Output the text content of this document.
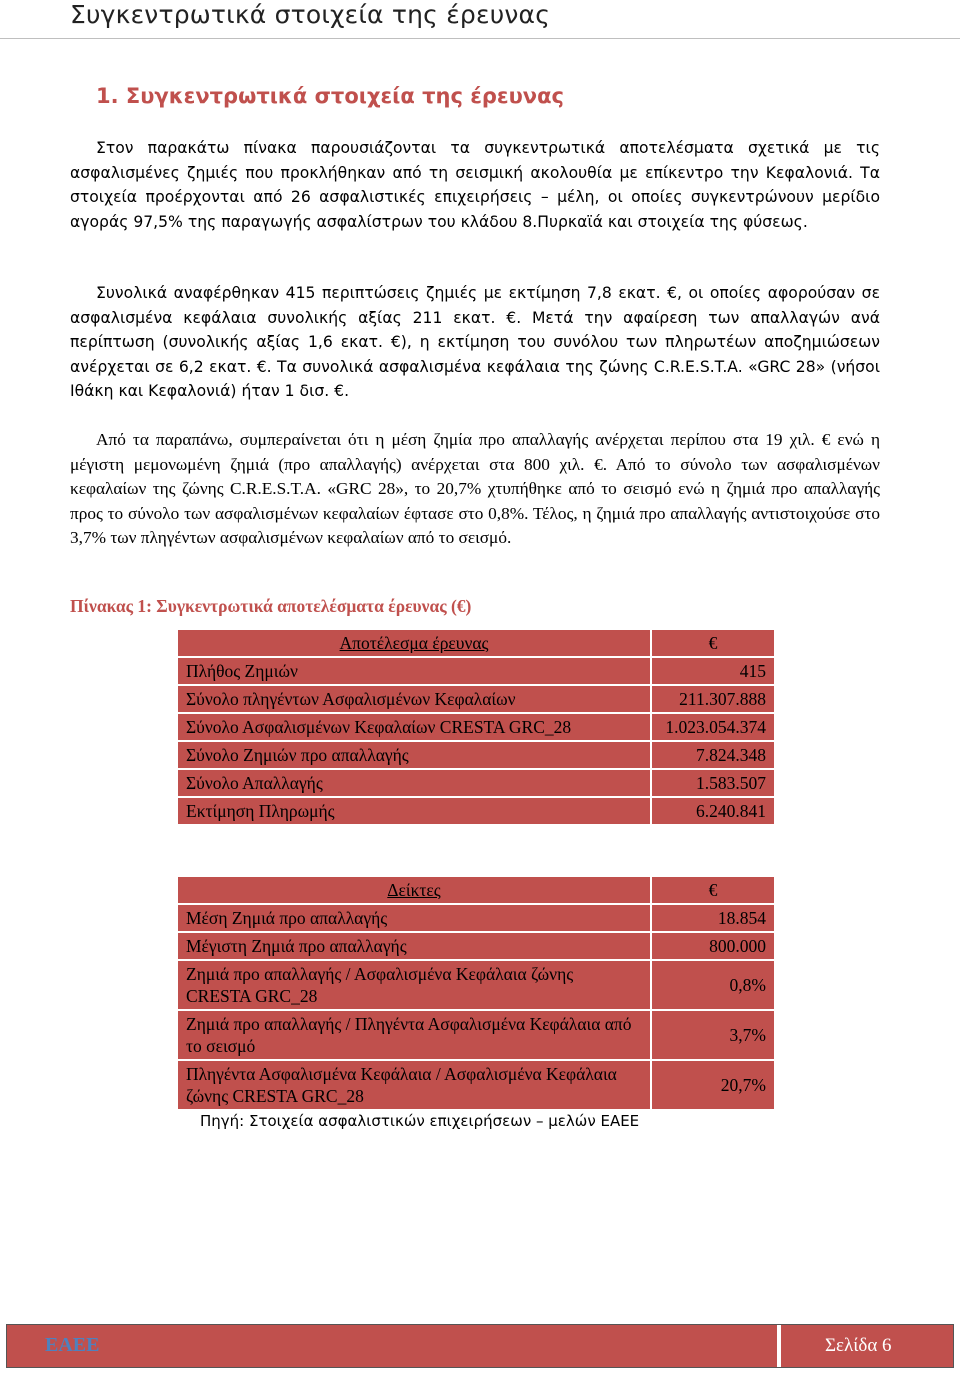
Συγκεντρωτικά στοιχεία της έρευνας
1. Συγκεντρωτικά στοιχεία της έρευνας

Στον παρακάτω πίνακα παρουσιάζονται τα συγκεντρωτικά αποτελέσματα σχετικά με τις ασφαλισμένες ζημιές που προκλήθηκαν από τη σεισμική ακολουθία με επίκεντρο την Κεφαλονιά. Τα στοιχεία προέρχονται από 26 ασφαλιστικές επιχειρήσεις – μέλη, οι οποίες συγκεντρώνουν μερίδιο αγοράς 97,5% της παραγωγής ασφαλίστρων του κλάδου 8.Πυρκαϊά και στοιχεία της φύσεως.

Συνολικά αναφέρθηκαν 415 περιπτώσεις ζημιές με εκτίμηση 7,8 εκατ. €, οι οποίες αφορούσαν σε ασφαλισμένα κεφάλαια συνολικής αξίας 211 εκατ. €. Μετά την αφαίρεση των απαλλαγών ανά περίπτωση (συνολικής αξίας 1,6 εκατ. €), η εκτίμηση του συνόλου των πληρωτέων αποζημιώσεων ανέρχεται σε 6,2 εκατ. €. Τα συνολικά ασφαλισμένα κεφάλαια της ζώνης C.R.E.S.T.A. «GRC 28» (νήσοι Ιθάκη και Κεφαλονιά) ήταν 1 δισ. €.

Από τα παραπάνω, συμπεραίνεται ότι η μέση ζημία προ απαλλαγής ανέρχεται περίπου στα 19 χιλ. € ενώ η μέγιστη μεμονωμένη ζημιά (προ απαλλαγής) ανέρχεται στα 800 χιλ. €. Από το σύνολο των ασφαλισμένων κεφαλαίων της ζώνης C.R.E.S.T.A. «GRC 28», το 20,7% χτυπήθηκε από το σεισμό ενώ η ζημιά προ απαλλαγής προς το σύνολο των ασφαλισμένων κεφαλαίων έφτασε στο 0,8%. Τέλος, η ζημιά προ απαλλαγής αντιστοιχούσε στο 3,7% των πληγέντων ασφαλισμένων κεφαλαίων από το σεισμό.

Πίνακας 1: Συγκεντρωτικά αποτελέσματα έρευνας (€)
Αποτέλεσμα έρευνας	€
Πλήθος Ζημιών	415
Σύνολο πληγέντων Ασφαλισμένων Κεφαλαίων	211.307.888
Σύνολο Ασφαλισμένων Κεφαλαίων CRESTA GRC_28	1.023.054.374
Σύνολο Ζημιών προ απαλλαγής	7.824.348
Σύνολο Απαλλαγής	1.583.507
Εκτίμηση Πληρωμής	6.240.841
Δείκτες	€
Μέση Ζημιά προ απαλλαγής	18.854
Μέγιστη Ζημιά προ απαλλαγής	800.000
Ζημιά προ απαλλαγής / Ασφαλισμένα Κεφάλαια ζώνης CRESTA GRC_28	0,8%
Ζημιά προ απαλλαγής / Πληγέντα Ασφαλισμένα Κεφάλαια από το σεισμό	3,7%
Πληγέντα Ασφαλισμένα Κεφάλαια / Ασφαλισμένα Κεφάλαια ζώνης CRESTA GRC_28	20,7%
Πηγή: Στοιχεία ασφαλιστικών επιχειρήσεων – μελών ΕΑΕΕ
ΕΑΕΕ	Σελίδα 6
